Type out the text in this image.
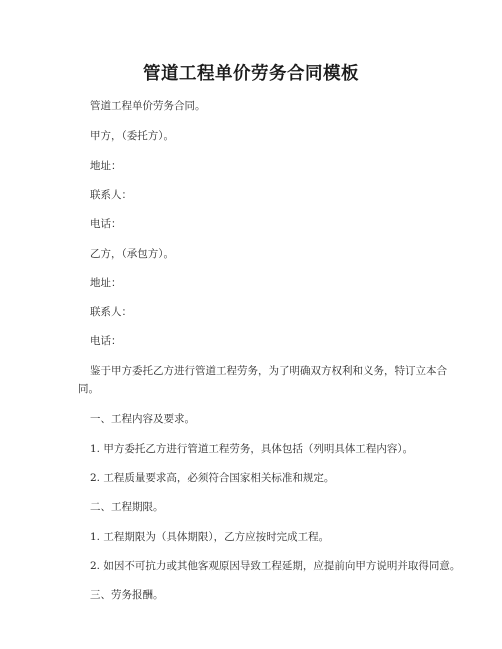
管道工程单价劳务合同模板

管道工程单价劳务合同。

甲方，（委托方）。

地址：

联系人：

电话：

乙方，（承包方）。

地址：

联系人：

电话：

鉴于甲方委托乙方进行管道工程劳务，为了明确双方权利和义务，特订立本合

同。

一、工程内容及要求。

1. 甲方委托乙方进行管道工程劳务，具体包括（列明具体工程内容）。

2. 工程质量要求高，必须符合国家相关标准和规定。

二、工程期限。

1. 工程期限为（具体期限），乙方应按时完成工程。

2. 如因不可抗力或其他客观原因导致工程延期，应提前向甲方说明并取得同意。

三、劳务报酬。
